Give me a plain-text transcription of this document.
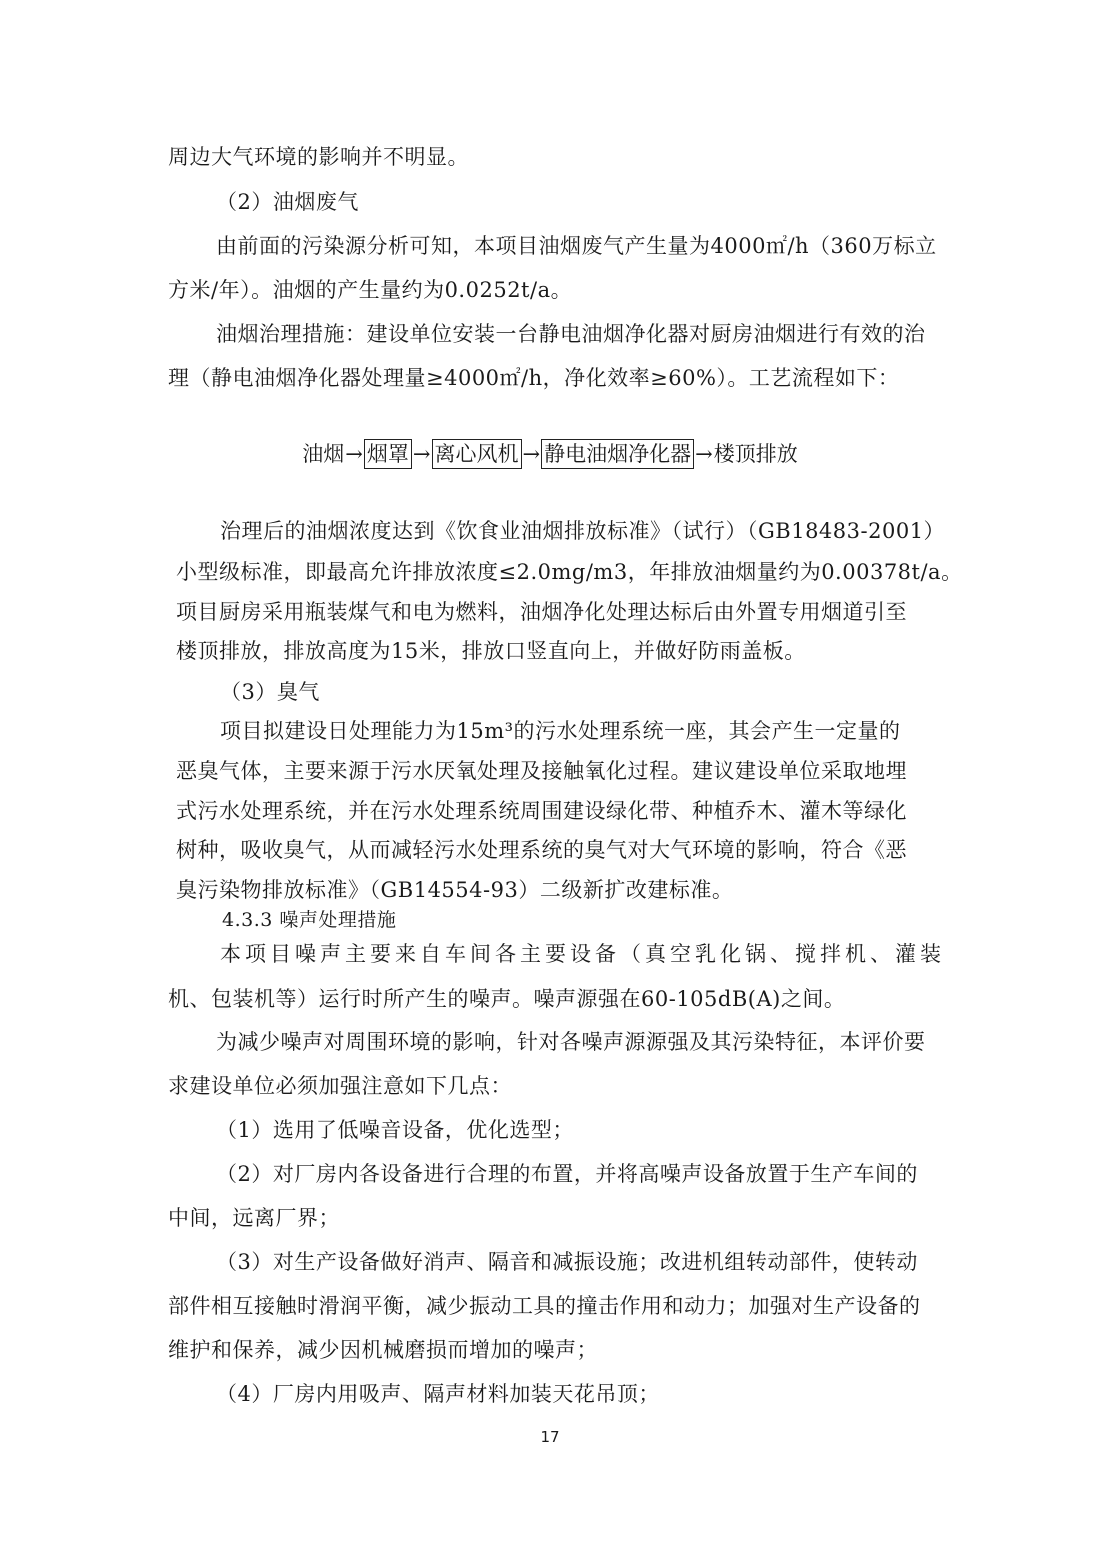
周边大气环境的影响并不明显。
（2）油烟废气
由前面的污染源分析可知，本项目油烟废气产生量为4000㎡/h（360万标立
方米/年）。油烟的产生量约为0.0252t/a。
油烟治理措施：建设单位安装一台静电油烟净化器对厨房油烟进行有效的治
理（静电油烟净化器处理量≥4000㎡/h，净化效率≥60%）。工艺流程如下：
油烟→ 烟罩 → 离心风机 → 静电油烟净化器 →楼顶排放
治理后的油烟浓度达到《饮食业油烟排放标准》（试行）（GB18483-2001）
小型级标准，即最高允许排放浓度≤2.0mg/m3，年排放油烟量约为0.00378t/a。
项目厨房采用瓶装煤气和电为燃料，油烟净化处理达标后由外置专用烟道引至
楼顶排放，排放高度为15米，排放口竖直向上，并做好防雨盖板。
（3）臭气
项目拟建设日处理能力为15m³的污水处理系统一座，其会产生一定量的
恶臭气体，主要来源于污水厌氧处理及接触氧化过程。建议建设单位采取地埋
式污水处理系统，并在污水处理系统周围建设绿化带、种植乔木、灌木等绿化
树种，吸收臭气，从而减轻污水处理系统的臭气对大气环境的影响，符合《恶
臭污染物排放标准》（GB14554-93）二级新扩改建标准。
4.3.3 噪声处理措施
本项目噪声主要来自车间各主要设备（真空乳化锅、搅拌机、灌装
机、包装机等）运行时所产生的噪声。噪声源强在60-105dB(A)之间。
为减少噪声对周围环境的影响，针对各噪声源源强及其污染特征，本评价要
求建设单位必须加强注意如下几点：
（1）选用了低噪音设备，优化选型；
（2）对厂房内各设备进行合理的布置，并将高噪声设备放置于生产车间的
中间，远离厂界；
（3）对生产设备做好消声、隔音和减振设施；改进机组转动部件，使转动
部件相互接触时滑润平衡，减少振动工具的撞击作用和动力；加强对生产设备的
维护和保养，减少因机械磨损而增加的噪声；
（4）厂房内用吸声、隔声材料加装天花吊顶；
17
